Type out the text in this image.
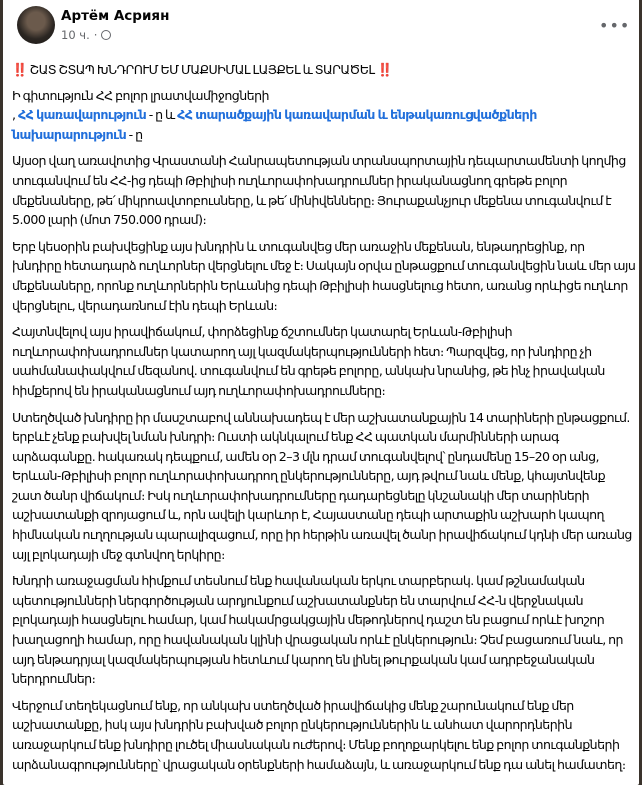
Артём Асриян
10 ч. ·	•••
‼️ ՇԱՏ ՇՏԱՊ ԽՆԴՐՈՒՄ ԵՄ ՄԱՔՍԻՄԱԼ ԼԱՅՔԵԼ և ՏԱՐԱԾԵԼ ‼️
Ի գիտություն ՀՀ բոլոր լրատվամիջոցների
, ՀՀ կառավարություն - ը և ՀՀ տարածքային կառավարման և ենթակառուցվածքների նախարարություն - ը
Այսօր վաղ առավոտից Վրաստանի Հանրապետության տրանսպորտային դեպարտամենտի կողմից տուգանվում են ՀՀ-ից դեպի Թբիլիսի ուղևորափոխադրումներ իրականացնող գրեթե բոլոր մեքենաները, թե՛ միկրոավտոբուսները, և թե՛ մինիվենները։ Յուրաքանչյուր մեքենա տուգանվում է 5.000 լարի (մոտ 750.000 դրամ)։
Երբ կեսօրին բախվեցինք այս խնդրին և տուգանվեց մեր առաջին մեքենան, ենթադրեցինք, որ խնդիրը հետադարձ ուղևորներ վերցնելու մեջ է։ Սակայն օրվա ընթացքում տուգանվեցին նաև մեր այս մեքենաները, որոնք ուղևորներին Երևանից դեպի Թբիլիսի հասցնելուց հետո, առանց որևիցե ուղևոր վերցնելու, վերադառնում էին դեպի Երևան։
Հայտնվելով այս իրավիճակում, փորձեցինք ճշտումներ կատարել Երևան-Թբիլիսի ուղևորափոխադրումներ կատարող այլ կազմակերպությունների հետ։ Պարզվեց, որ խնդիրը չի սահմանափակվում մեզանով. տուգանվում են գրեթե բոլորը, անկախ նրանից, թե ինչ իրավական հիմքերով են իրականացնում այդ ուղևորափոխադրումները։
Ստեղծված խնդիրը իր մասշտաբով աննախադեպ է մեր աշխատանքային 14 տարիների ընթացքում. երբևէ չենք բախվել նման խնդրի։ Ուստի ակնկալում ենք ՀՀ պատկան մարմինների արագ արձագանքը. հակառակ դեպքում, ամեն օր 2–3 մլն դրամ տուգանվելով՝ ընդամենը 15–20 օր անց, Երևան-Թբիլիսի բոլոր ուղևորափոխադրող ընկերությունները, այդ թվում նաև մենք, կհայտնվենք շատ ծանր վիճակում։ Իսկ ուղևորափոխադրումները դադարեցնելը կնշանակի մեր տարիների աշխատանքի զրոյացում և, որն ավելի կարևոր է, Հայաստանը դեպի արտաքին աշխարհ կապող հիմնական ուղղության պարալիզացում, որը իր հերթին առավել ծանր իրավիճակում կդնի մեր առանց այլ բլոկադայի մեջ գտնվող երկիրը։
Խնդրի առաջացման հիմքում տեսնում ենք հավանական երկու տարբերակ. կամ թշնամական պետությունների ներգործության արդյունքում աշխատանքներ են տարվում ՀՀ-ն վերջնական բլոկադայի հասցնելու համար, կամ հակամրցակցային մեթոդներով դաշտ են բացում որևէ խոշոր խաղացողի համար, որը հավանական կլինի վրացական որևէ ընկերություն։ Չեմ բացառում նաև, որ այդ ենթադրյալ կազմակերպության հետևում կարող են լինել թուրքական կամ ադրբեջանական ներդրումներ։
Վերջում տեղեկացնում ենք, որ անկախ ստեղծված իրավիճակից մենք շարունակում ենք մեր աշխատանքը, իսկ այս խնդրին բախված բոլոր ընկերություններին և անհատ վարորդներին առաջարկում ենք խնդիրը լուծել միասնական ուժերով։ Մենք բողոքարկելու ենք բոլոր տուգանքների արձանագրությունները՝ վրացական օրենքների համաձայն, և առաջարկում ենք դա անել համատեղ։
